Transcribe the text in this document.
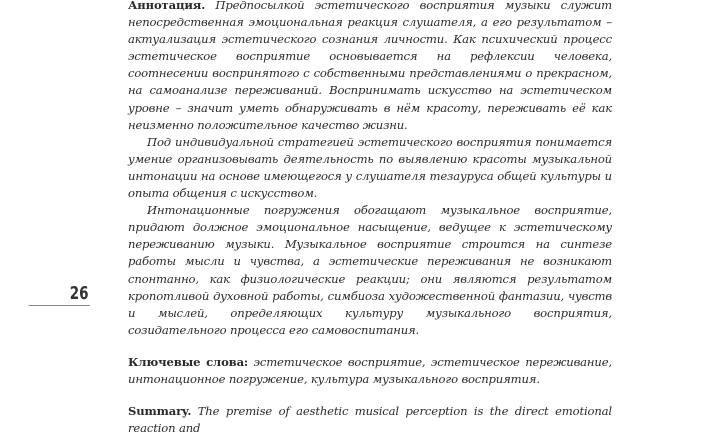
26

Аннотация. Предпосылкой эстетического восприятия музыки служит непосредственная эмоциональная реакция слушателя, а его результатом – актуализация эстетического сознания личности. Как психический процесс эстетическое восприятие основывается на рефлексии человека, соотнесении воспринятого с собственными представлениями о прекрасном, на самоанализе переживаний. Воспринимать искусство на эстетическом уровне – значит уметь обнаруживать в нём красоту, переживать её как неизменно положительное качество жизни.

Под индивидуальной стратегией эстетического восприятия понимается умение организовывать деятельность по выявлению красоты музыкальной интонации на основе имеющегося у слушателя тезауруса общей культуры и опыта общения с искусством.

Интонационные погружения обогащают музыкальное восприятие, придают должное эмоциональное насыщение, ведущее к эстетическому переживанию музыки. Музыкальное восприятие строится на синтезе работы мысли и чувства, а эстетические переживания не возникают спонтанно, как физиологические реакции; они являются результатом кропотливой духовной работы, симбиоза художественной фантазии, чувств и мыслей, определяющих культуру музыкального восприятия, созидательного процесса его самовоспитания.

Ключевые слова: эстетическое восприятие, эстетическое переживание, интонационное погружение, культура музыкального восприятия.

Summary. The premise of aesthetic musical perception is the direct emotional reaction and
